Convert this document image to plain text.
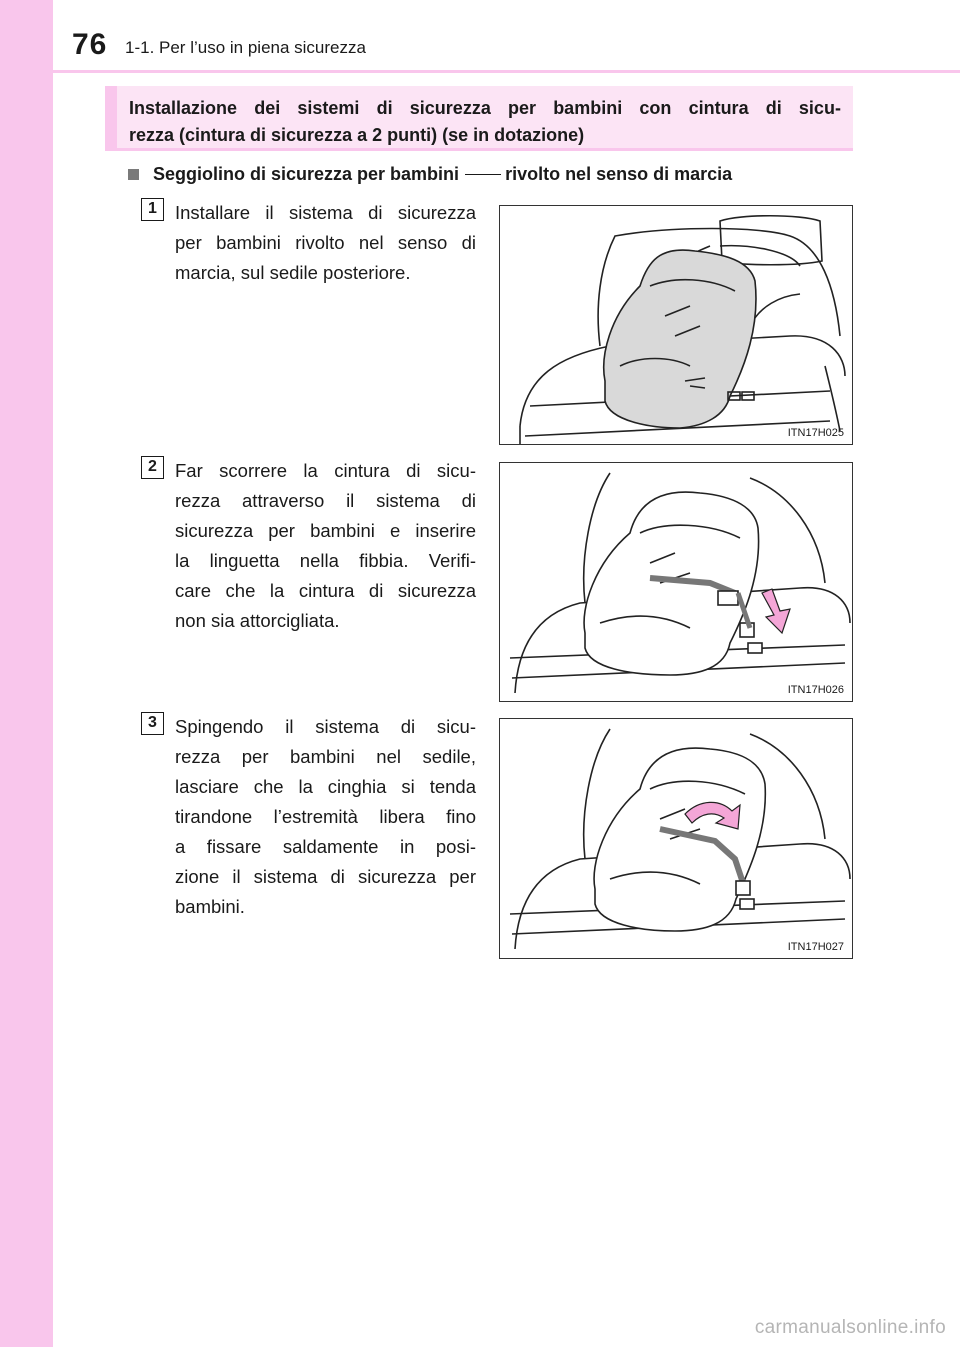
76 1-1. Per l’uso in piena sicurezza
Installazione dei sistemi di sicurezza per bambini con cintura di sicu-
rezza (cintura di sicurezza a 2 punti) (se in dotazione)
Seggiolino di sicurezza per bambini	rivolto nel senso di marcia
1 Installare il sistema di sicurezza
per bambini rivolto nel senso di
marcia, sul sedile posteriore.

ITN17H025
2 Far scorrere la cintura di sicu-
rezza attraverso il sistema di
sicurezza per bambini e inserire
la linguetta nella fibbia. Verifi-
care che la cintura di sicurezza
non sia attorcigliata.

ITN17H026
3 Spingendo il sistema di sicu-
rezza per bambini nel sedile,
lasciare che la cinghia si tenda
tirandone l’estremità libera fino
a fissare saldamente in posi-
zione il sistema di sicurezza per
bambini.

ITN17H027
carmanualsonline.info
